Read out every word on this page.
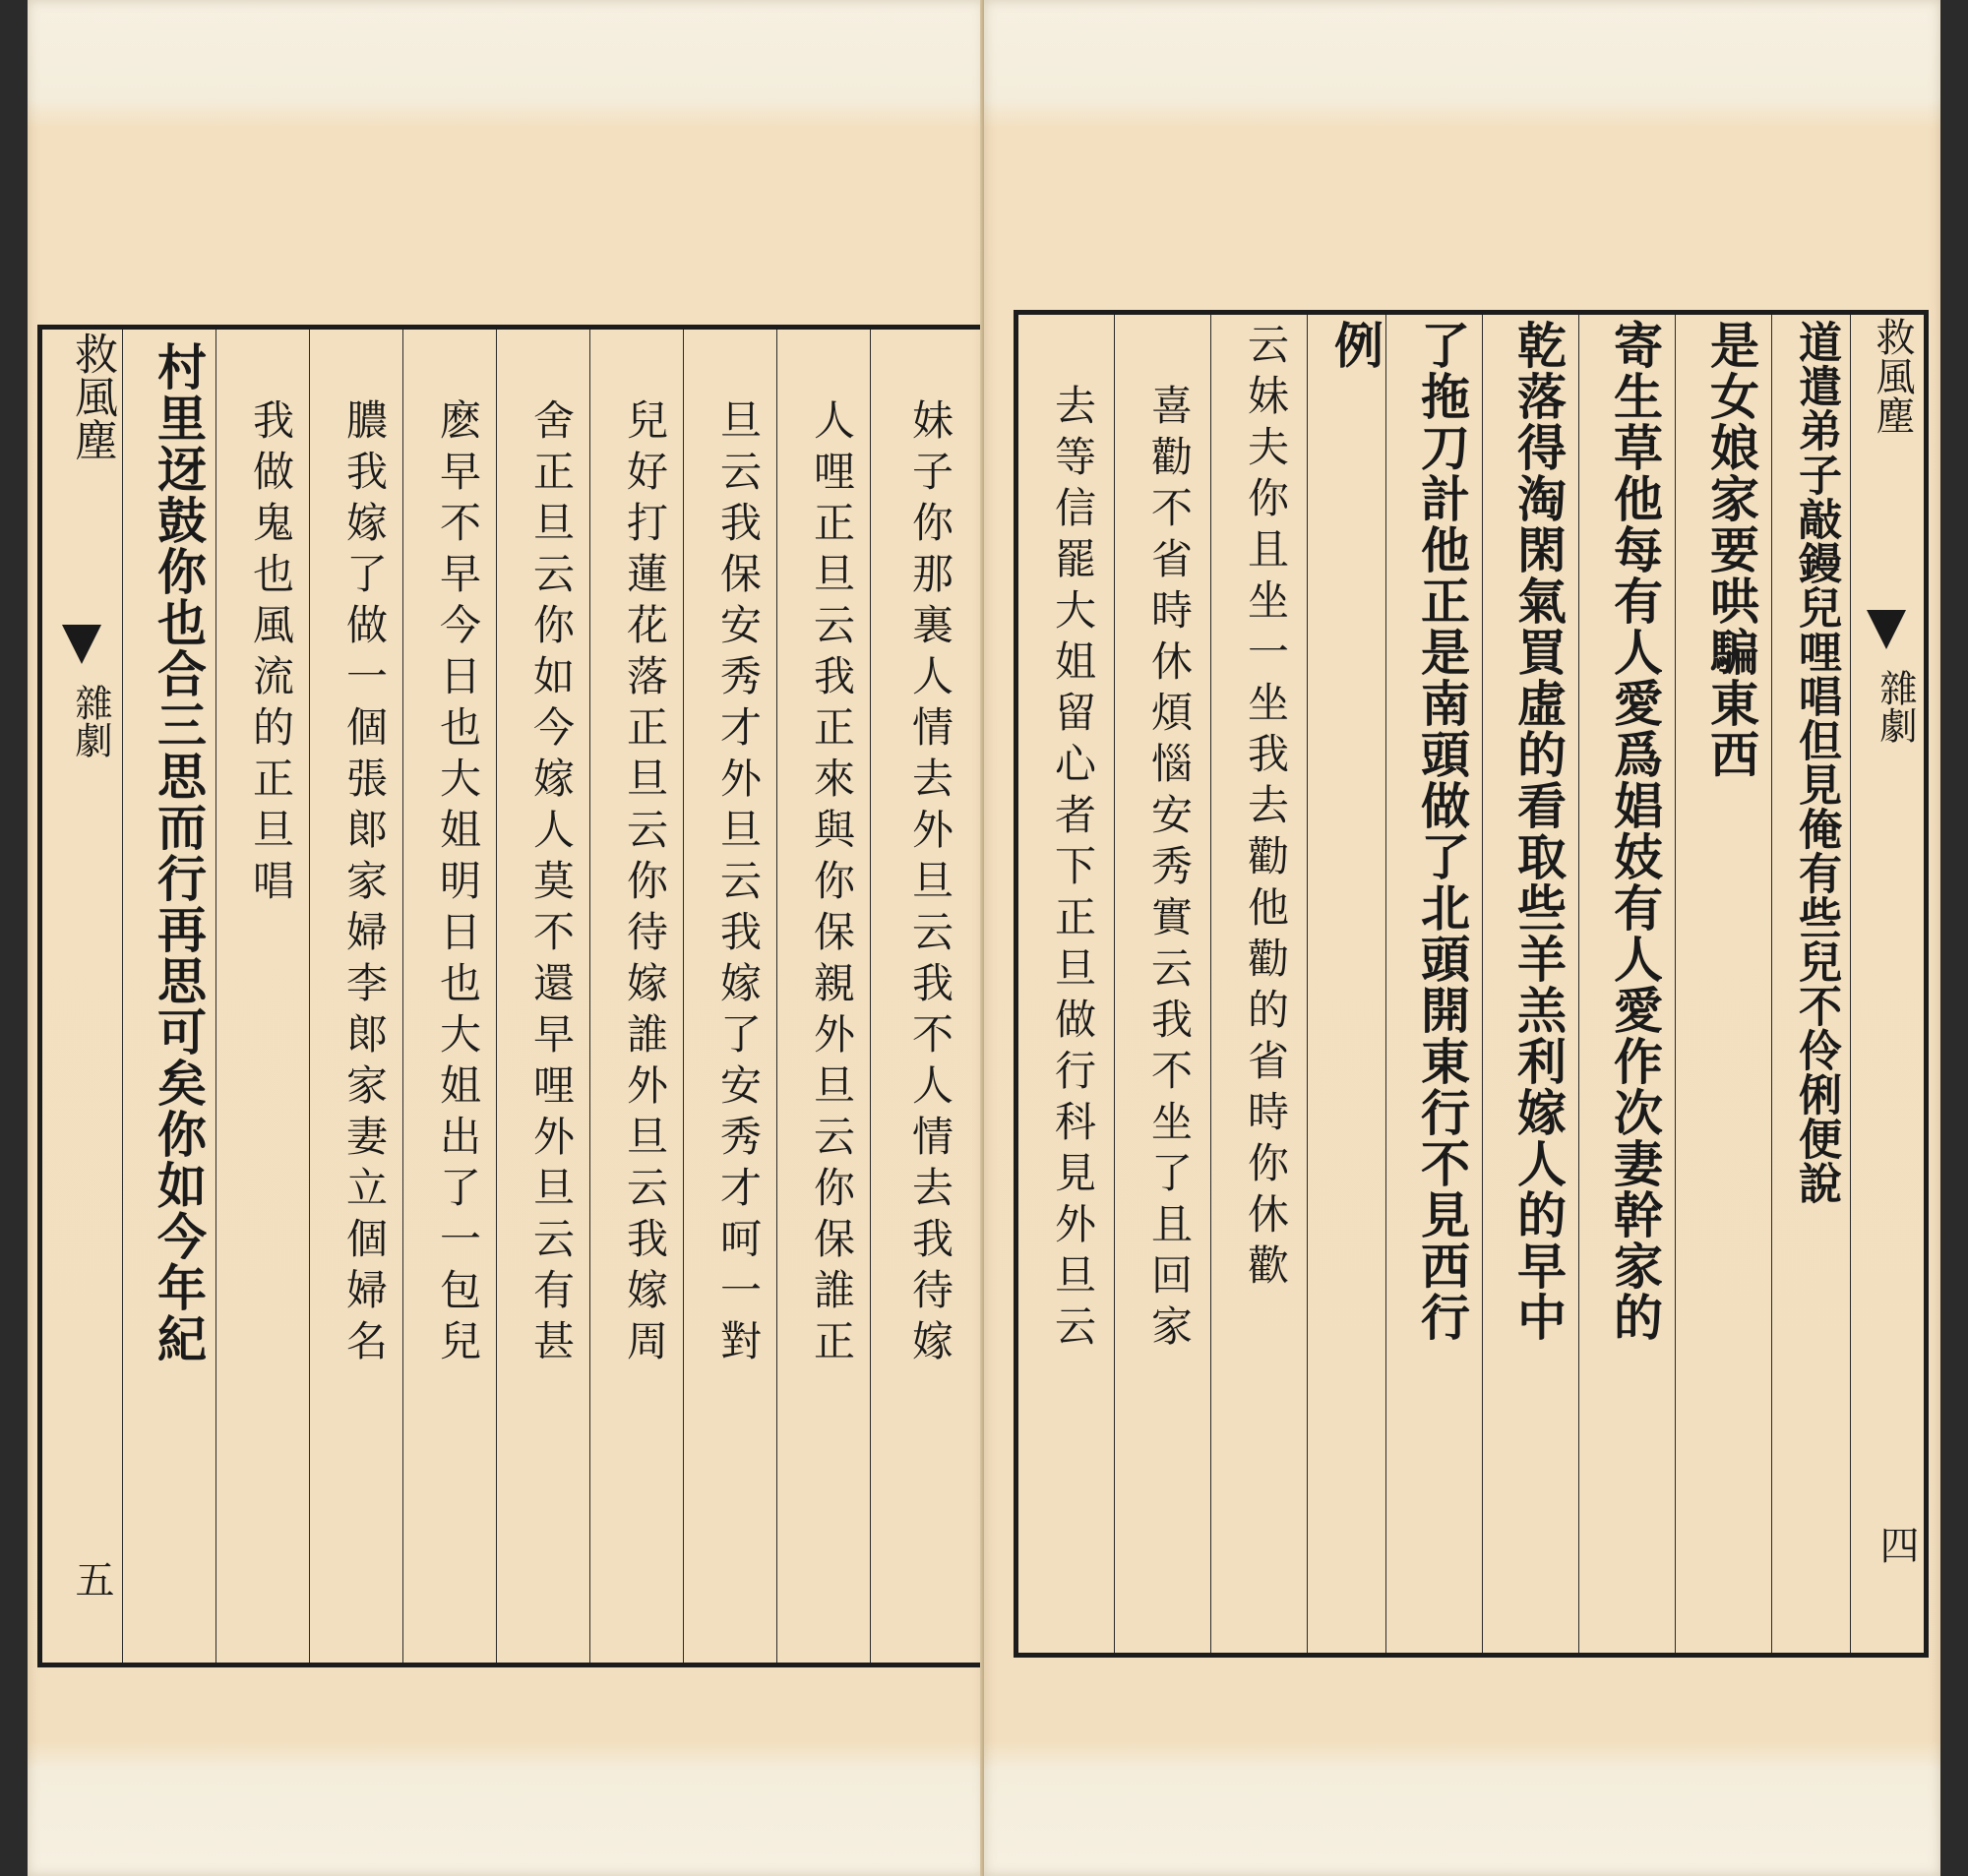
救風塵
雜劇
五
村里迓鼓你也合三思而行再思可矣你如今年紀 我做鬼也風流的正旦唱 膿我嫁了做一個張郞家婦李郞家妻立個婦名 麽早不早今日也大姐明日也大姐出了一包兒 舍正旦云你如今嫁人莫不還早哩外旦云有甚 兒好打蓮花落正旦云你待嫁誰外旦云我嫁周 旦云我保安秀才外旦云我嫁了安秀才呵一對 人哩正旦云我正來與你保親外旦云你保誰正 妹子你那裏人情去外旦云我不人情去我待嫁 去等信罷大姐留心者下正旦做行科見外旦云 喜勸不省時休煩惱安秀實云我不坐了且回家 云妹夫你且坐一坐我去勸他勸的省時你休歡 例 了拖刀計他正是南頭做了北頭開東行不見西行 乾落得淘閑氣買虛的看取些羊羔利嫁人的早中 寄生草他每有人愛爲娼妓有人愛作次妻幹家的 是女娘家要哄騙東西 道遣弟子敲鏝兒哩唱但見俺有些兒不伶俐便說 救風塵
雜劇
四
